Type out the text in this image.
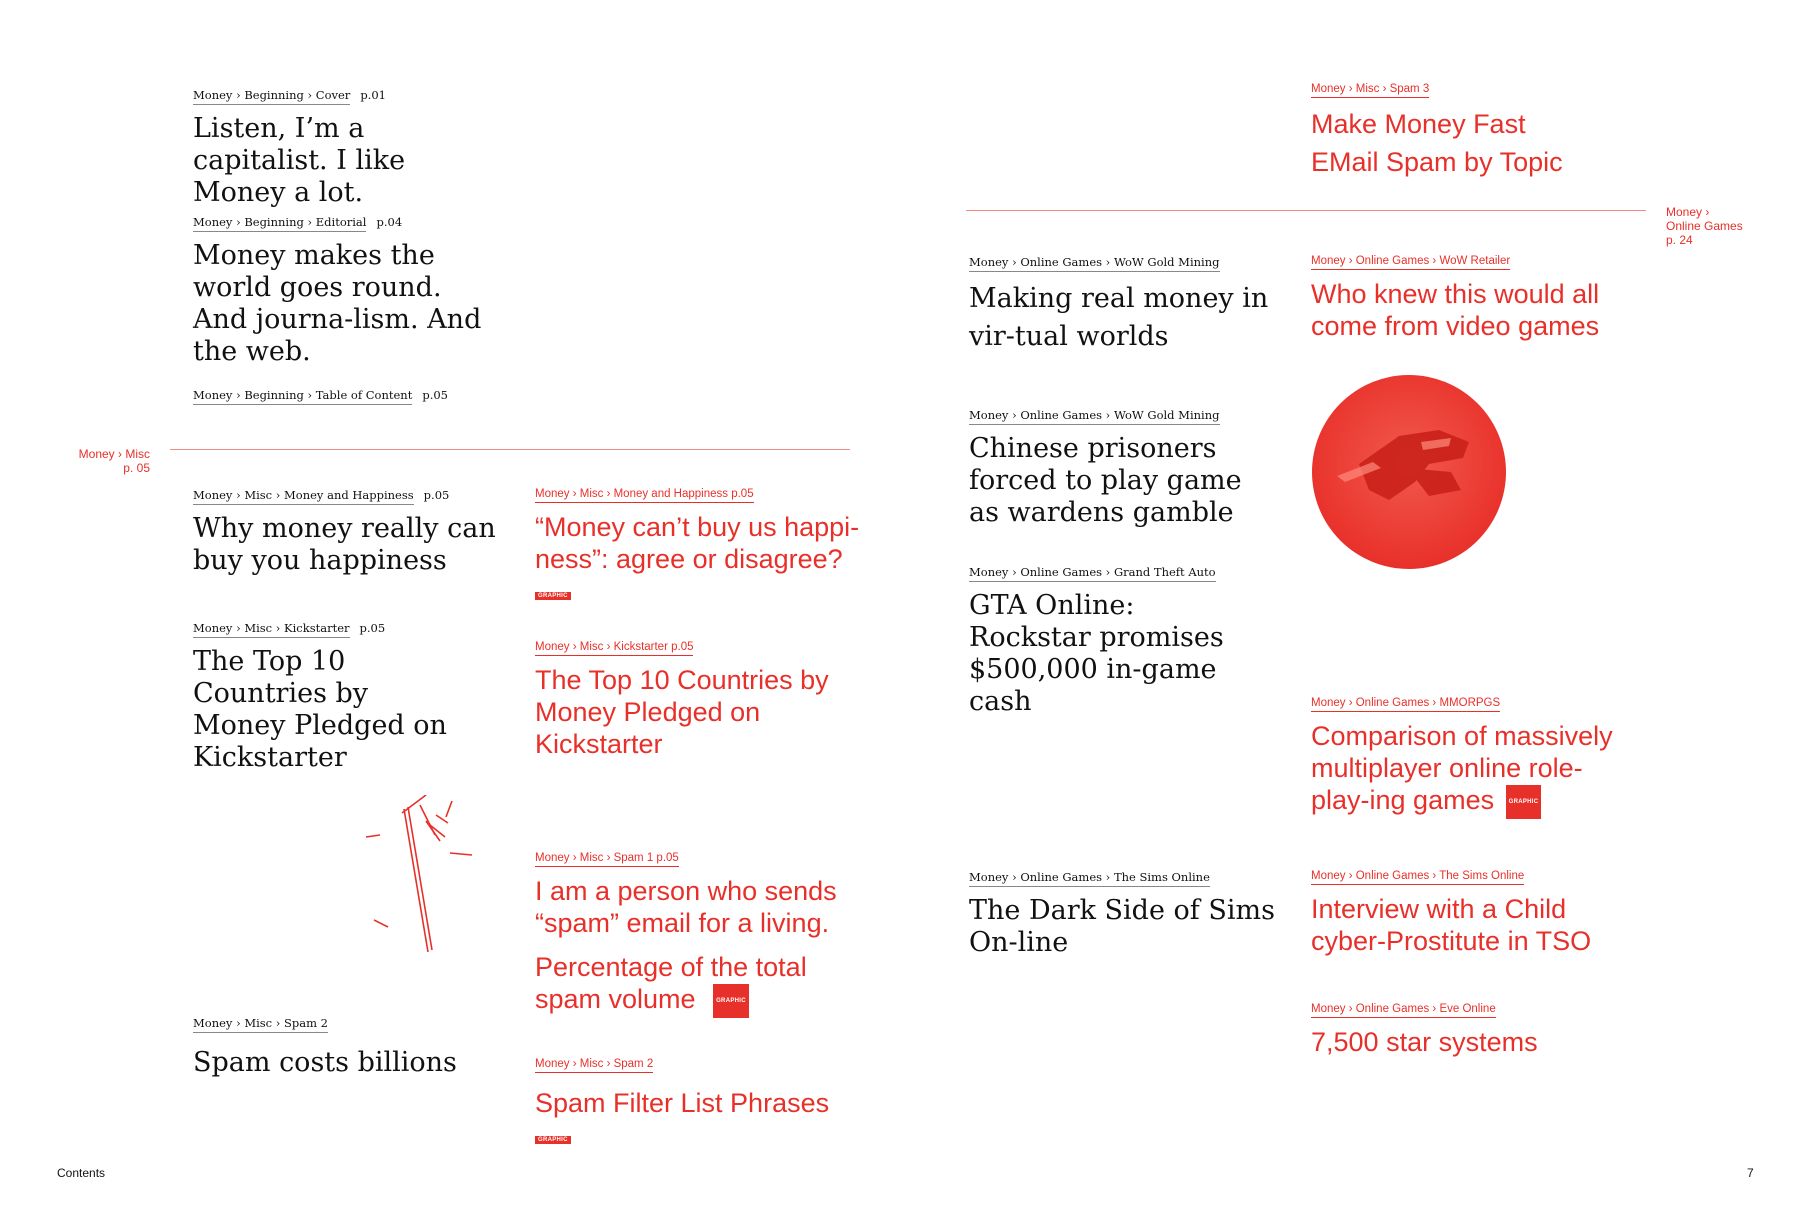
Money › Misc
p. 05
Money ›
Online Games
p. 24
Money › Beginning › Cover p.01
Listen, I’m a capitalist. I like Money a lot.
Money › Beginning › Editorial p.04
Money makes the world goes round. And journa-lism. And the web.
Money › Beginning › Table of Content p.05
Money › Misc › Money and Happiness p.05
Why money really can buy you happiness
Money › Misc › Kickstarter p.05
The Top 10 Countries by Money Pledged on Kickstarter
Money › Misc › Spam 2
Spam costs billions
Money › Misc › Money and Happiness p.05
“Money can’t buy us happi-ness”: agree or disagree?
GRAPHIC
Money › Misc › Kickstarter p.05
The Top 10 Countries by Money Pledged on Kickstarter
Money › Misc › Spam 1 p.05
I am a person who sends “spam” email for a living.
Percentage of the total spam volume	GRAPHIC
Money › Misc › Spam 2
Spam Filter List Phrases
GRAPHIC
Money › Misc › Spam 3
Make Money Fast
EMail Spam by Topic
Money › Online Games › WoW Gold Mining
Making real money in vir-tual worlds
Money › Online Games › WoW Gold Mining
Chinese prisoners forced to play game as wardens gamble
Money › Online Games › Grand Theft Auto
GTA Online: Rockstar promises $500,000 in-game cash
Money › Online Games › The Sims Online
The Dark Side of Sims On-line
Money › Online Games › WoW Retailer
Who knew this would all come from video games
Money › Online Games › MMORPGS
Comparison of massively multiplayer online role-play-ing games GRAPHIC
Money › Online Games › The Sims Online
Interview with a Child cyber-Prostitute in TSO
Money › Online Games › Eve Online
7,500 star systems
Contents	7
